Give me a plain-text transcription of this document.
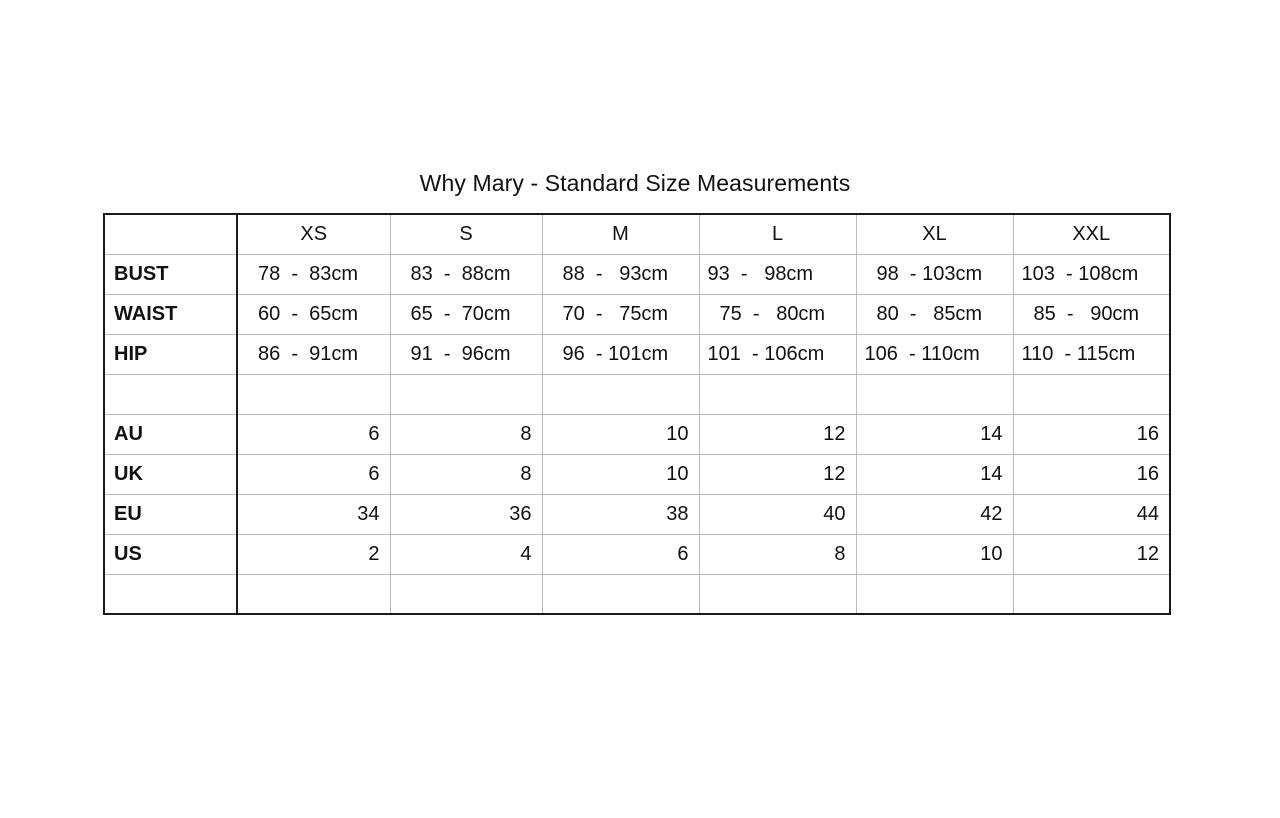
Why Mary - Standard Size Measurements
	XS	S	M	L	XL	XXL
BUST	78  -  83cm	83  -  88cm	88  -   93cm	93  -   98cm	98  - 103cm	103  - 108cm
WAIST	60  -  65cm	65  -  70cm	70  -   75cm	75  -   80cm	80  -   85cm	85  -   90cm
HIP	86  -  91cm	91  -  96cm	96  - 101cm	101  - 106cm	106  - 110cm	110  - 115cm

AU	6	8	10	12	14	16
UK	6	8	10	12	14	16
EU	34	36	38	40	42	44
US	2	4	6	8	10	12
